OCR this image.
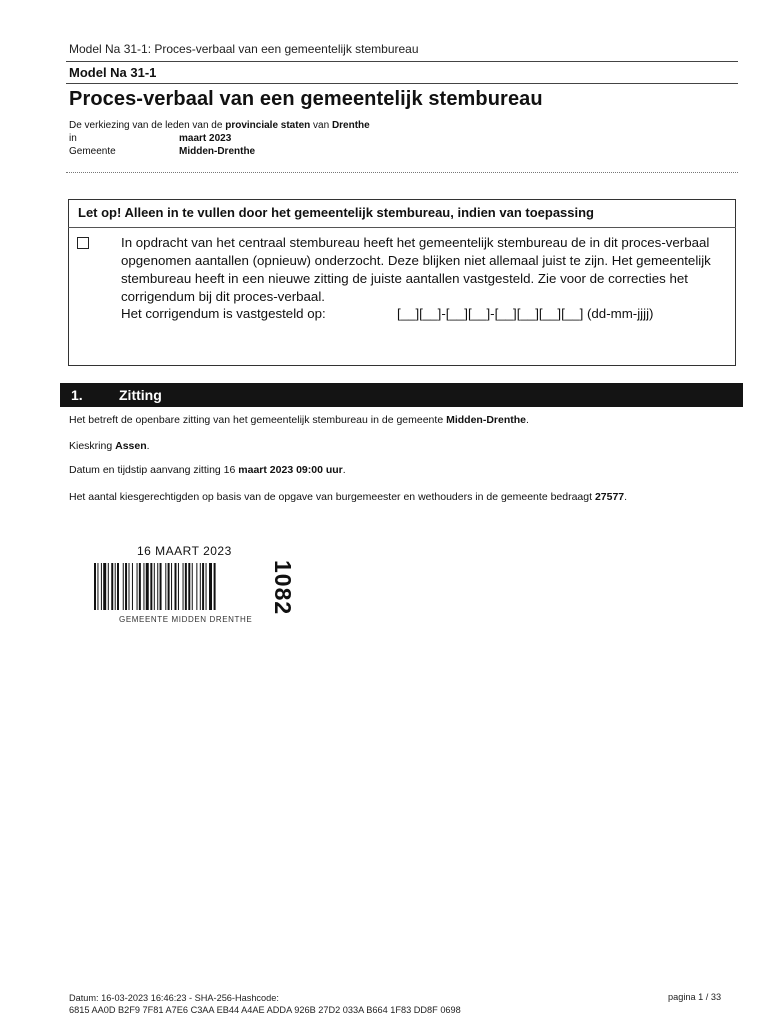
Model Na 31-1: Proces-verbaal van een gemeentelijk stembureau
Model Na 31-1
Proces-verbaal van een gemeentelijk stembureau
De verkiezing van de leden van de provinciale staten van Drenthe
in	maart 2023
Gemeente	Midden-Drenthe
Let op! Alleen in te vullen door het gemeentelijk stembureau, indien van toepassing
In opdracht van het centraal stembureau heeft het gemeentelijk stembureau de in dit proces-verbaal opgenomen aantallen (opnieuw) onderzocht. Deze blijken niet allemaal juist te zijn. Het gemeentelijk stembureau heeft in een nieuwe zitting de juiste aantallen vastgesteld. Zie voor de correcties het corrigendum bij dit proces-verbaal.
Het corrigendum is vastgesteld op:	[__][__]-[__][__]-[__][__][__][__] (dd-mm-jjjj)
1.	Zitting
Het betreft de openbare zitting van het gemeentelijk stembureau in de gemeente Midden-Drenthe.
Kieskring Assen.
Datum en tijdstip aanvang zitting 16 maart 2023 09:00 uur.
Het aantal kiesgerechtigden op basis van de opgave van burgemeester en wethouders in de gemeente bedraagt 27577.
16 MAART 2023
1082
GEMEENTE MIDDEN DRENTHE
Datum: 16-03-2023 16:46:23 - SHA-256-Hashcode:
6815 AA0D B2F9 7F81 A7E6 C3AA EB44 A4AE ADDA 926B 27D2 033A B664 1F83 DD8F 0698
pagina 1 / 33
